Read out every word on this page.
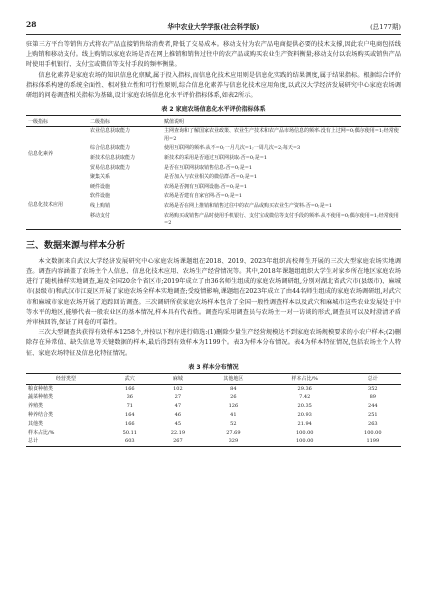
28	华中农业大学学报(社会科学版)	(总177期)

驻第三方平台等销售方式将农产品直接销售给消费者,降低了交易成本。移动支付为农产品电商提供必要的技术支撑,因此农户电商包括线上购销和移动支付。线上购销以家庭农场是否在网上推销和销售过往中的农产品或购买农业生产资料衡量;移动支付以农场购买或销售产品时使用手机银行、支付宝或微信等支付手段的频率衡量。

信息化素养是家庭农场的知识信息化禀赋,属于投入指标,而信息化技术应用则是信息化实践的结果测度,属于结果指标。根据综合评价指标体系构建的系统全面性、相对独立性和可行性原则,综合信息化素养与信息化技术应用角度,以武汉大学经济发展研究中心家庭农场调研组的问卷调查相关指标为基础,设计家庭农场信息化水平评价指标体系,如表2所示。

表 2 家庭农场信息化水平评价指标体系
一级指标	二级指标	赋值说明
信息化素养	农业信息获取能力	主网查询和了解国家农业政策、农业生产技术和农产品市场信息的频率:没有上过网=0;偶尔使用=1;经常使用=2
	综合信息获取能力	使用互联网的频率:从不=0;一月几次=1;一周几次=2;每天=3
	新技术信息获取能力	新技术的采用是否通过互联网获取:否=0;是=1
	贸易信息获取能力	是否在互联网获取销售信息:否=0;是=1
	聚集关系	是否加入与农业相关的微信群:否=0;是=1
信息化技术应用	硬件设施	农场是否拥有互联网设施:否=0;是=1
	软件设施	农场是否建有自家官网:否=0;是=1
	线上购销	农场是否在网上推销和销售过往中的农产品或购买农业生产资料:否=0;是=1
	移动支付	农场购买或销售产品时使用手机银行、支付宝或微信等支付手段的频率:从不使用=0;偶尔使用=1;经常使用=2
三、数据来源与样本分析

本文数据来自武汉大学经济发展研究中心家庭农场课题组在2018、2019、2023年组织高校师生开展的三次大型家庭农场实地调查。调查内容涵盖了农场主个人信息、信息化技术应用、农场生产经营情况等。其中,2018年课题组组织大学生对家乡所在地区家庭农场进行了随机抽样实地调查,遍及全国20余个省区市;2019年成立了由36名师生组成的家庭农场调研组,分别对湖北省武穴市(县级市)、麻城市(县级市)和武汉市江夏区开展了家庭农场全样本实地调查;受疫情影响,课题组在2023年成立了由44名师生组成的家庭农场调研组,对武穴市和麻城市家庭农场开展了追踪回访调查。三次调研所获家庭农场样本包含了全国一般性调查样本以及武穴和麻城市这些农业发展处于中等水平的地区,能够代表一般农业区的基本情况,样本具有代表性。调查均采用调查员与农场主一对一访谈的形式,调查员可以及时澄清矛盾并审核回答,保证了问卷的可靠性。

三次大型调查共获得有效样本1258个,并按以下程序进行筛选:(1)删除少量生产经营规模达不到家庭农场规模要求的小农户样本;(2)删除存在异常值、缺失信息等关键数据的样本,最后得到有效样本为1199个。表3为样本分布情况。表4为样本特征情况,包括农场主个人特征、家庭农场特征及信息化特征情况。

表 3 样本分布情况
经营类型	武穴	麻城	其他地区	样本占比/%	总计
粮食种植类	166	102	84	29.36	352
蔬菜种植类	36	27	26	7.42	89
养殖类	71	47	126	20.35	244
种养结合类	164	46	41	20.93	251
其他类	166	45	52	21.94	263
样本占比/%	50.11	22.19	27.69	100.00	100.00
总计	603	267	329	100.00	1199
